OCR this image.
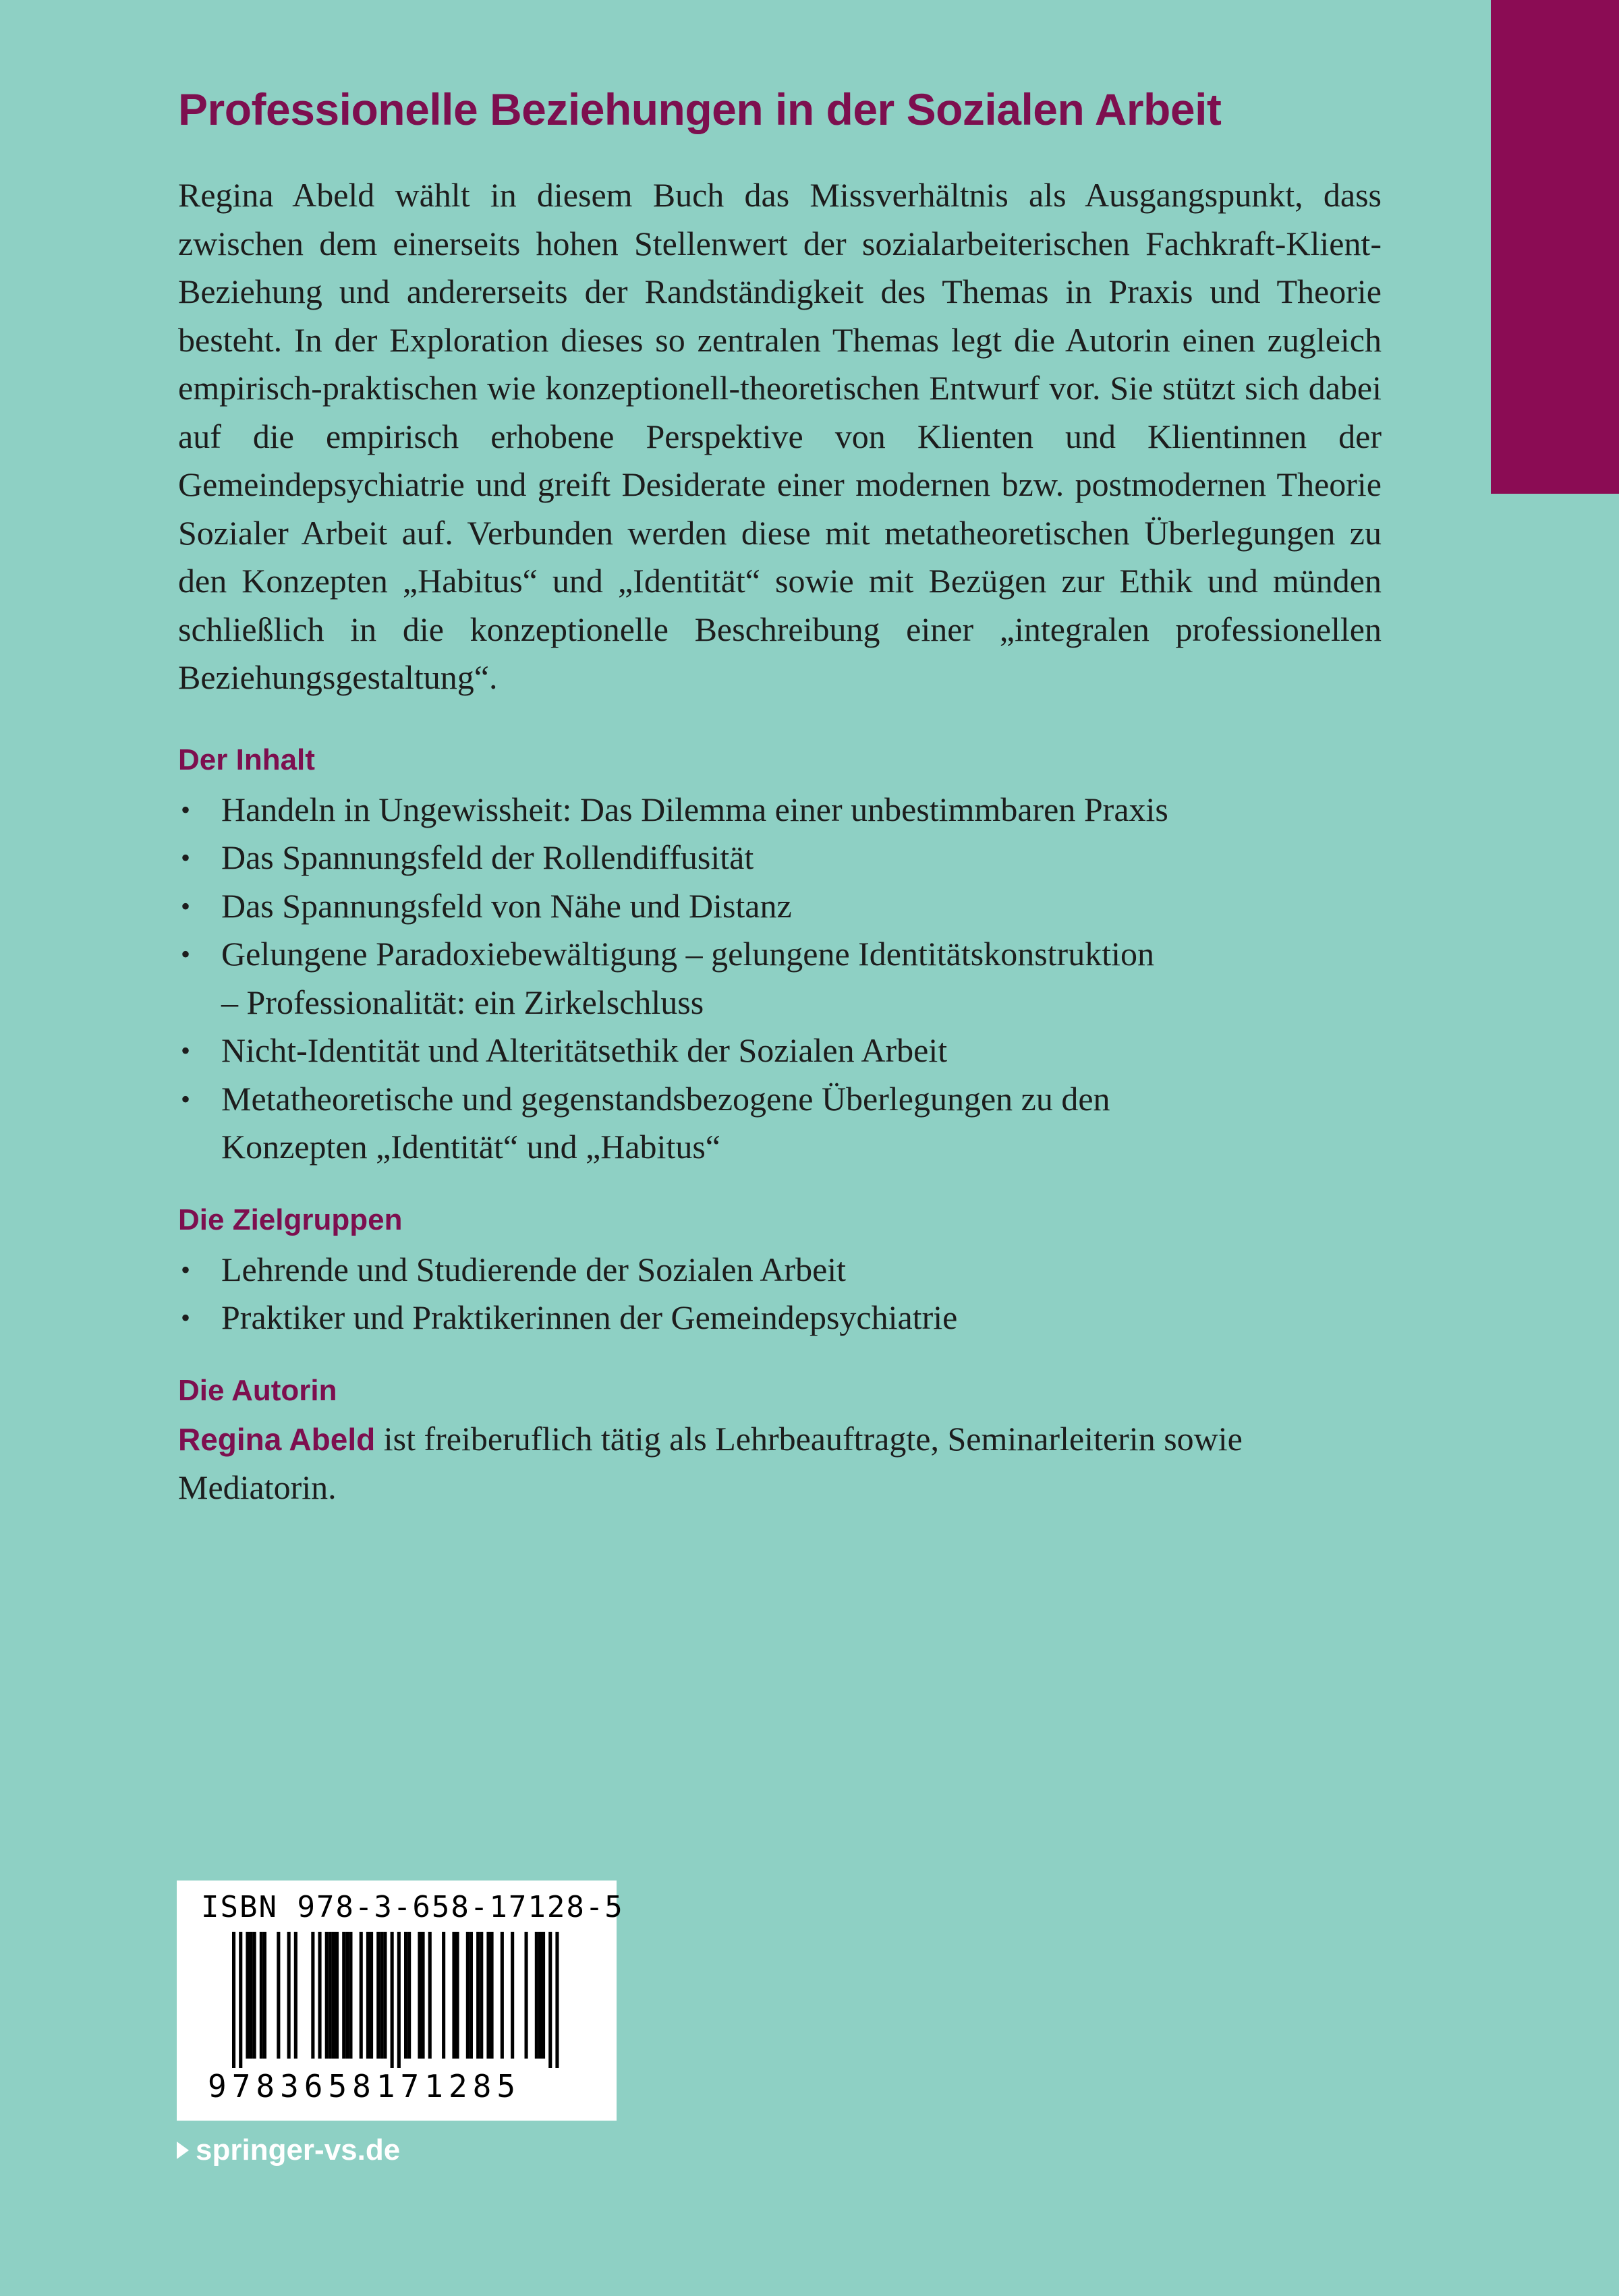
Professionelle Beziehungen in der Sozialen Arbeit

Regina Abeld wählt in diesem Buch das Missverhältnis als Ausgangspunkt, dass zwischen dem einerseits hohen Stellenwert der sozialarbeiterischen Fachkraft-Klient-Beziehung und andererseits der Randständigkeit des Themas in Praxis und Theorie besteht. In der Exploration dieses so zentralen Themas legt die Autorin einen zugleich empirisch-praktischen wie konzeptionell-theoretischen Entwurf vor. Sie stützt sich dabei auf die empirisch erhobene Perspektive von Klienten und Klientinnen der Gemeindepsychiatrie und greift Desiderate einer modernen bzw. postmodernen Theorie Sozialer Arbeit auf. Verbunden werden diese mit metatheoretischen Überlegungen zu den Konzepten „Habitus“ und „Identität“ sowie mit Bezügen zur Ethik und münden schließlich in die konzeptionelle Beschreibung einer „integralen professionellen Beziehungsgestaltung“.

Der Inhalt
• Handeln in Ungewissheit: Das Dilemma einer unbestimmbaren Praxis
• Das Spannungsfeld der Rollendiffusität
• Das Spannungsfeld von Nähe und Distanz
• Gelungene Paradoxiebewältigung – gelungene Identitätskonstruktion – Professionalität: ein Zirkelschluss
• Nicht-Identität und Alteritätsethik der Sozialen Arbeit
• Metatheoretische und gegenstandsbezogene Überlegungen zu den Konzepten „Identität“ und „Habitus“
Die Zielgruppen
• Lehrende und Studierende der Sozialen Arbeit
• Praktiker und Praktikerinnen der Gemeindepsychiatrie
Die Autorin

Regina Abeld ist freiberuflich tätig als Lehrbeauftragte, Seminarleiterin sowie Mediatorin.

ISBN 978-3-658-17128-5
9783658171285
springer-vs.de
